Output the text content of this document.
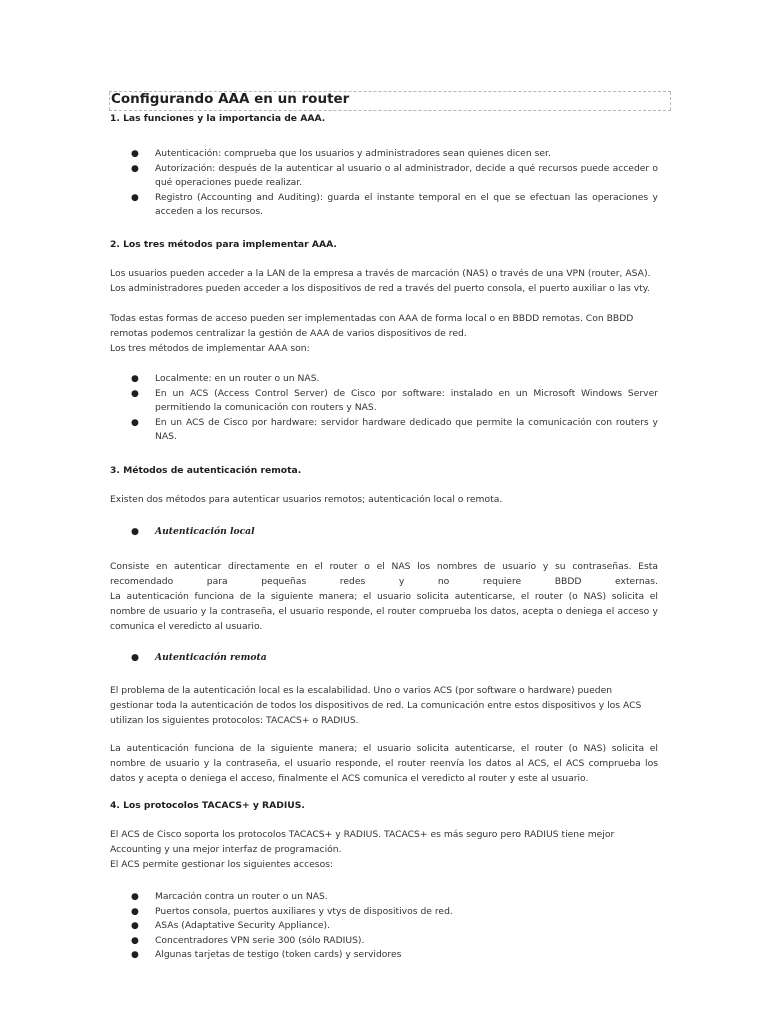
Configurando AAA en un router
1. Las funciones y la importancia de AAA.
● Autenticación: comprueba que los usuarios y administradores sean quienes dicen ser.
● Autorización: después de la autenticar al usuario o al administrador, decide a qué recursos puede acceder o
qué operaciones puede realizar.
● Registro (Accounting and Auditing): guarda el instante temporal en el que se efectuan las operaciones y
acceden a los recursos.
2. Los tres métodos para implementar AAA.
Los usuarios pueden acceder a la LAN de la empresa a través de marcación (NAS) o través de una VPN (router, ASA).
Los administradores pueden acceder a los dispositivos de red a través del puerto consola, el puerto auxiliar o las vty.
Todas estas formas de acceso pueden ser implementadas con AAA de forma local o en BBDD remotas. Con BBDD
remotas podemos centralizar la gestión de AAA de varios dispositivos de red.
Los tres métodos de implementar AAA son:
● Localmente: en un router o un NAS.
● En un ACS (Access Control Server) de Cisco por software: instalado en un Microsoft Windows Server
permitiendo la comunicación con routers y NAS.
● En un ACS de Cisco por hardware: servidor hardware dedicado que permite la comunicación con routers y
NAS.
3. Métodos de autenticación remota.
Existen dos métodos para autenticar usuarios remotos; autenticación local o remota.
● Autenticación local
Consiste en autenticar directamente en el router o el NAS los nombres de usuario y su contraseñas. Esta
recomendado para pequeñas redes y no requiere BBDD externas.
La autenticación funciona de la siguiente manera; el usuario solicita autenticarse, el router (o NAS) solicita el
nombre de usuario y la contraseña, el usuario responde, el router comprueba los datos, acepta o deniega el acceso y
comunica el veredicto al usuario.
● Autenticación remota
El problema de la autenticación local es la escalabilidad. Uno o varios ACS (por software o hardware) pueden
gestionar toda la autenticación de todos los dispositivos de red. La comunicación entre estos dispositivos y los ACS
utilizan los siguientes protocolos: TACACS+ o RADIUS.
La autenticación funciona de la siguiente manera; el usuario solicita autenticarse, el router (o NAS) solicita el
nombre de usuario y la contraseña, el usuario responde, el router reenvía los datos al ACS, el ACS comprueba los
datos y acepta o deniega el acceso, finalmente el ACS comunica el veredicto al router y este al usuario.
4. Los protocolos TACACS+ y RADIUS.
El ACS de Cisco soporta los protocolos TACACS+ y RADIUS. TACACS+ es más seguro pero RADIUS tiene mejor
Accounting y una mejor interfaz de programación.
El ACS permite gestionar los siguientes accesos:
● Marcación contra un router o un NAS.
● Puertos consola, puertos auxiliares y vtys de dispositivos de red.
● ASAs (Adaptative Security Appliance).
● Concentradores VPN serie 300 (sólo RADIUS).
● Algunas tarjetas de testigo (token cards) y servidores
